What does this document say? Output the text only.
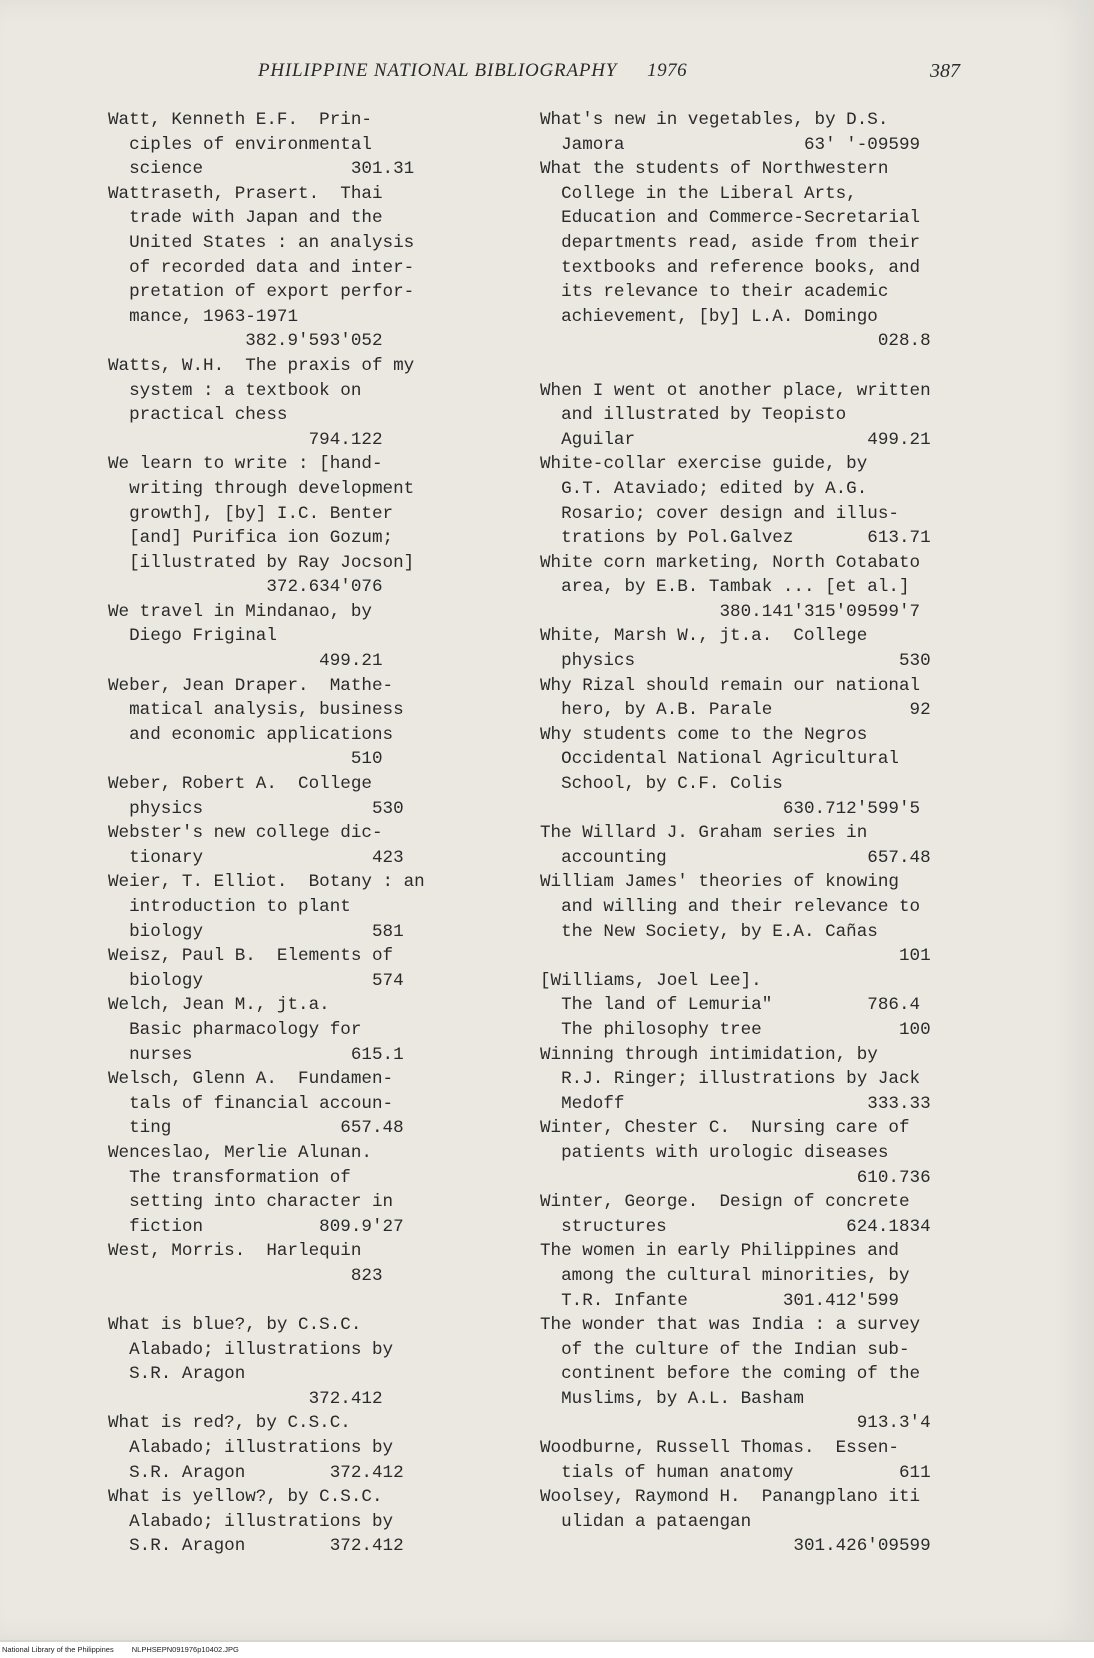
PHILIPPINE NATIONAL BIBLIOGRAPHY 1976	387
Watt, Kenneth E.F.  Prin-
ciples of environmental
science              301.31
Wattraseth, Prasert.  Thai
trade with Japan and the
United States : an analysis
of recorded data and inter-
pretation of export perfor-
mance, 1963-1971
382.9'593'052
Watts, W.H.  The praxis of my
system : a textbook on
practical chess
794.122
We learn to write : [hand-
writing through development
growth], [by] I.C. Benter
[and] Purifica ion Gozum;
[illustrated by Ray Jocson]
372.634'076
We travel in Mindanao, by
Diego Friginal
499.21
Weber, Jean Draper.  Mathe-
matical analysis, business
and economic applications
510
Weber, Robert A.  College
physics                530
Webster's new college dic-
tionary                423
Weier, T. Elliot.  Botany : an
introduction to plant
biology                581
Weisz, Paul B.  Elements of
biology                574
Welch, Jean M., jt.a.
Basic pharmacology for
nurses               615.1
Welsch, Glenn A.  Fundamen-
tals of financial accoun-
ting                657.48
Wenceslao, Merlie Alunan.
The transformation of
setting into character in
fiction           809.9'27
West, Morris.  Harlequin
823
What is blue?, by C.S.C.
Alabado; illustrations by
S.R. Aragon
372.412
What is red?, by C.S.C.
Alabado; illustrations by
S.R. Aragon        372.412
What is yellow?, by C.S.C.
Alabado; illustrations by
S.R. Aragon        372.412
What's new in vegetables, by D.S.
Jamora                 63' '-09599
What the students of Northwestern
College in the Liberal Arts,
Education and Commerce-Secretarial
departments read, aside from their
textbooks and reference books, and
its relevance to their academic
achievement, [by] L.A. Domingo
028.8
When I went ot another place, written
and illustrated by Teopisto
Aguilar                      499.21
White-collar exercise guide, by
G.T. Ataviado; edited by A.G.
Rosario; cover design and illus-
trations by Pol.Galvez       613.71
White corn marketing, North Cotabato
area, by E.B. Tambak ... [et al.]
380.141'315'09599'7
White, Marsh W., jt.a.  College
physics                         530
Why Rizal should remain our national
hero, by A.B. Parale             92
Why students come to the Negros
Occidental National Agricultural
School, by C.F. Colis
630.712'599'5
The Willard J. Graham series in
accounting                   657.48
William James' theories of knowing
and willing and their relevance to
the New Society, by E.A. Cañas
101
[Williams, Joel Lee].
The land of Lemuria"         786.4
The philosophy tree             100
Winning through intimidation, by
R.J. Ringer; illustrations by Jack
Medoff                       333.33
Winter, Chester C.  Nursing care of
patients with urologic diseases
610.736
Winter, George.  Design of concrete
structures                 624.1834
The women in early Philippines and
among the cultural minorities, by
T.R. Infante         301.412'599
The wonder that was India : a survey
of the culture of the Indian sub-
continent before the coming of the
Muslims, by A.L. Basham
913.3'4
Woodburne, Russell Thomas.  Essen-
tials of human anatomy          611
Woolsey, Raymond H.  Panangplano iti
ulidan a pataengan
301.426'09599
National Library of the Philippines NLPHSEPN091976p10402.JPG
